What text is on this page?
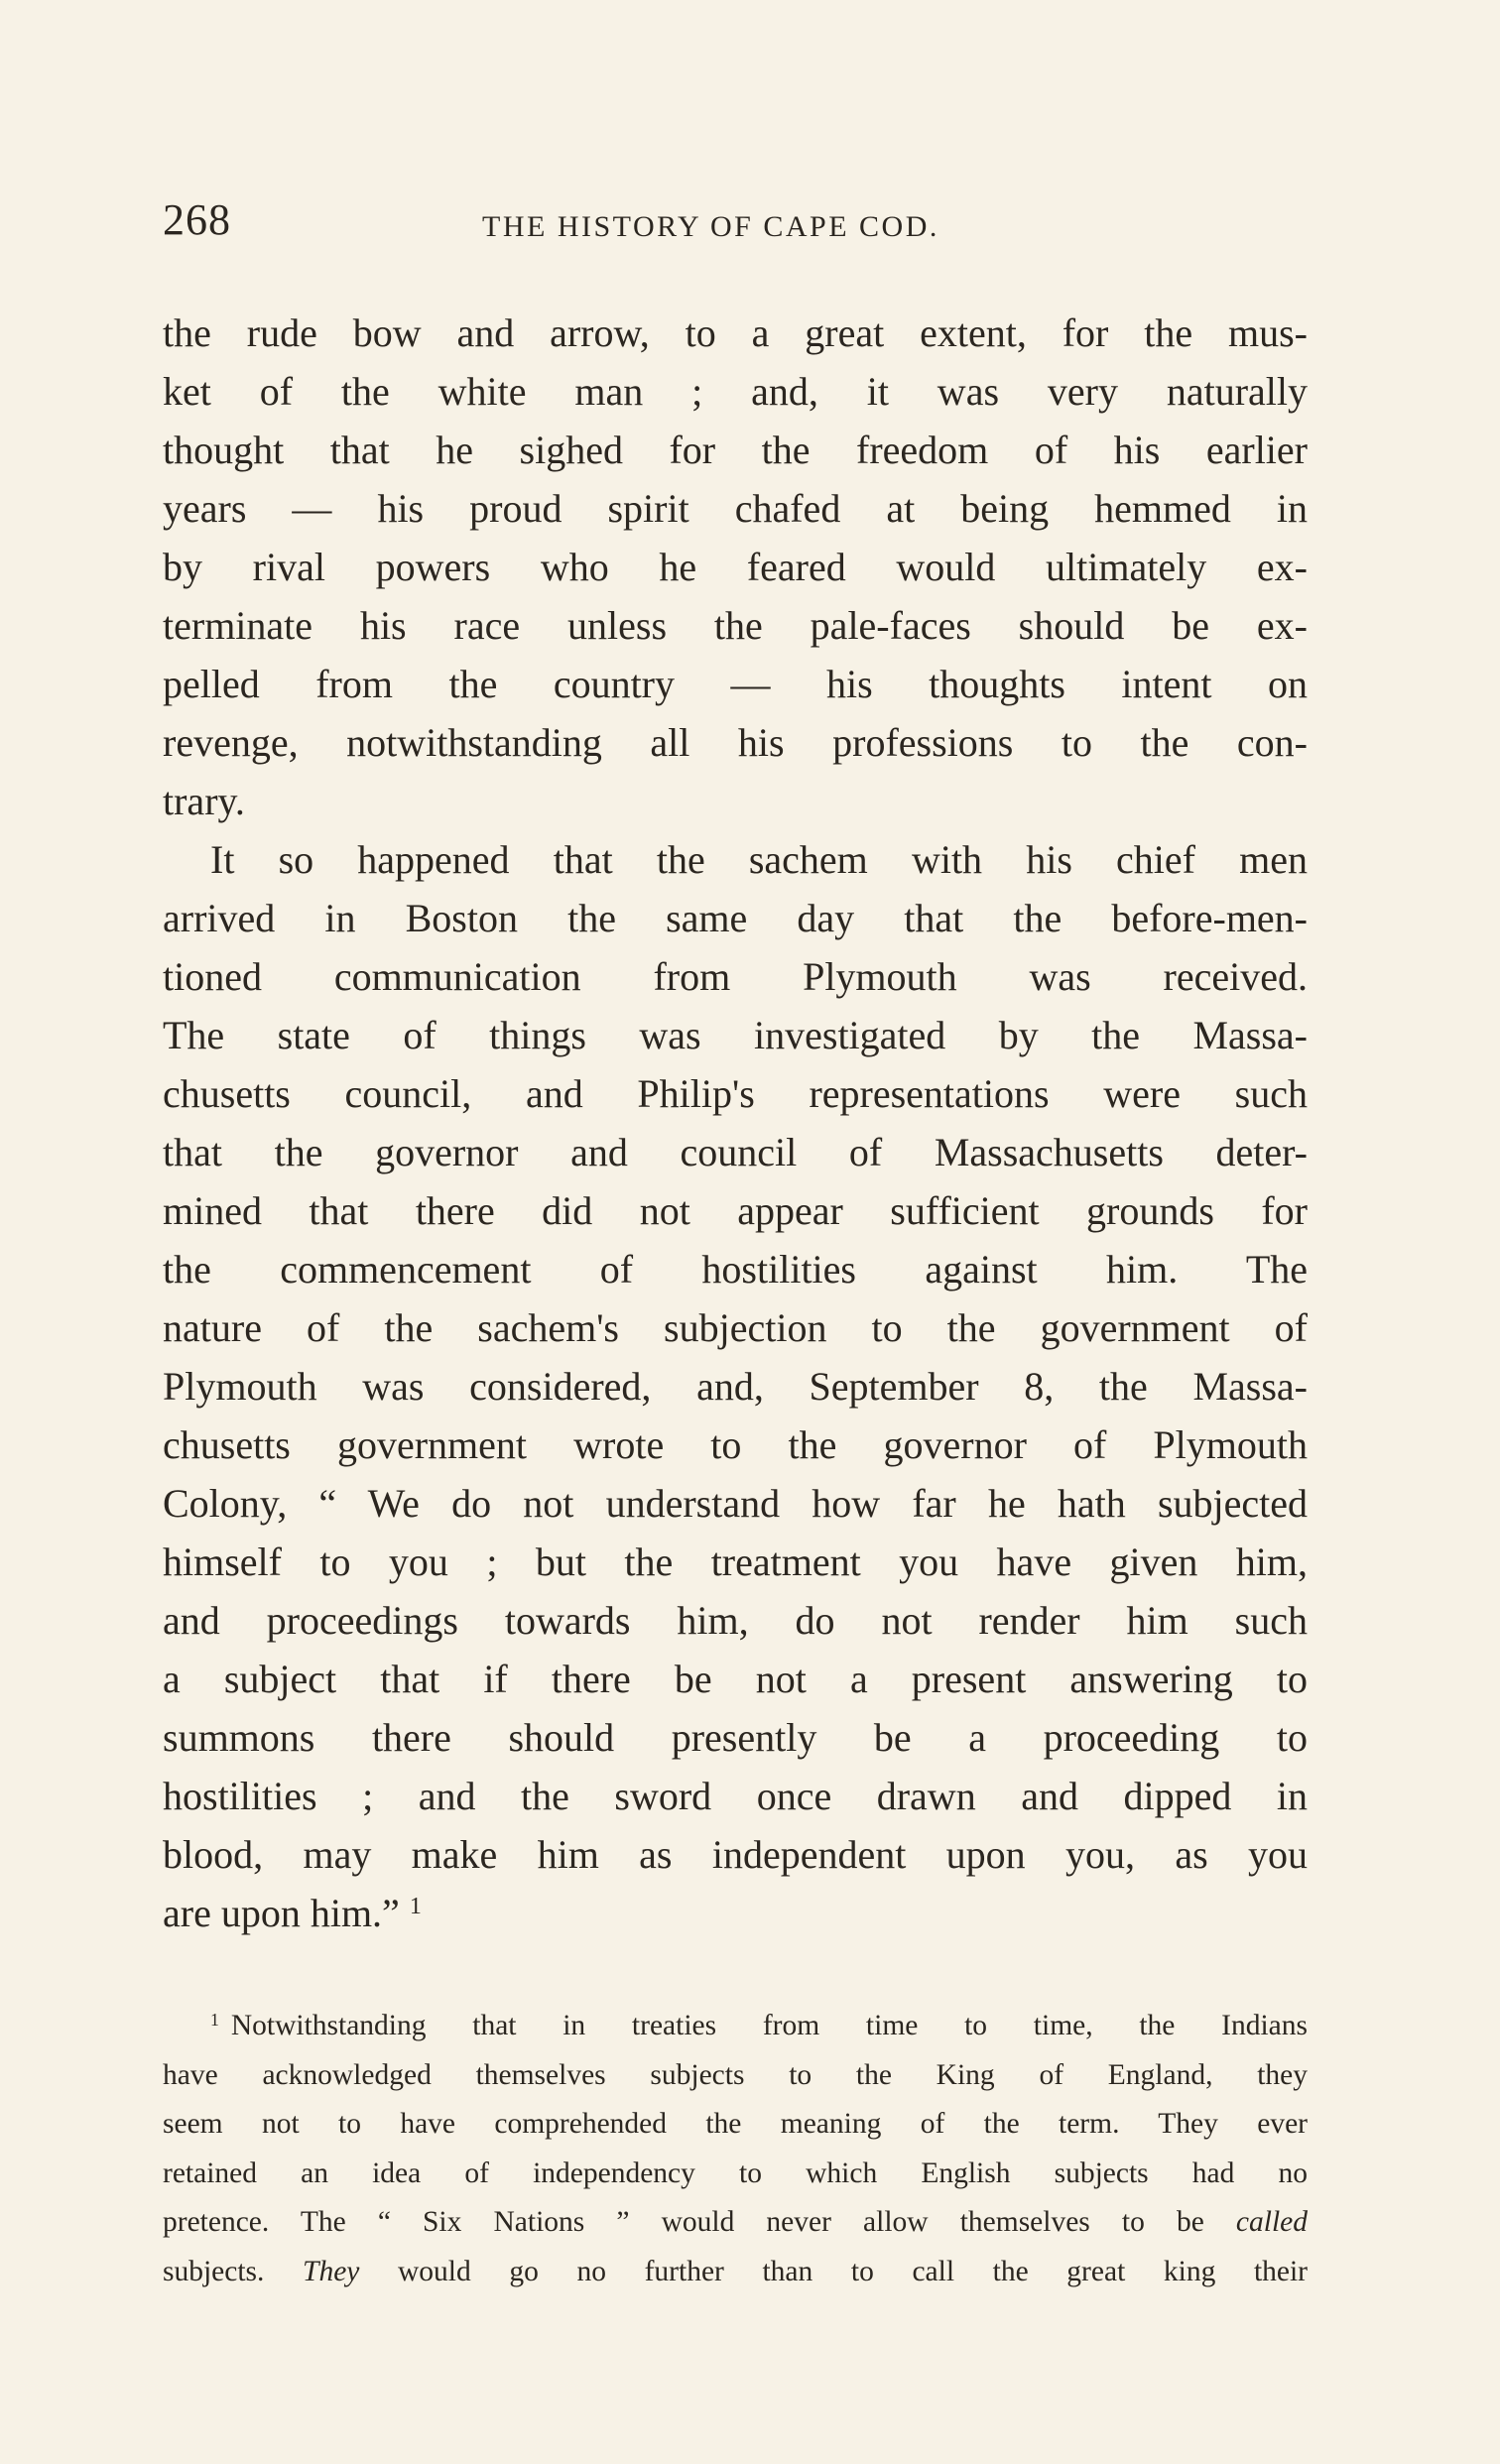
268	THE HISTORY OF CAPE COD.
the rude bow and arrow, to a great extent, for the mus-
ket of the white man ; and, it was very naturally
thought that he sighed for the freedom of his earlier
years — his proud spirit chafed at being hemmed in
by rival powers who he feared would ultimately ex-
terminate his race unless the pale-faces should be ex-
pelled from the country — his thoughts intent on
revenge, notwithstanding all his professions to the con-
trary.
It so happened that the sachem with his chief men
arrived in Boston the same day that the before-men-
tioned communication from Plymouth was received.
The state of things was investigated by the Massa-
chusetts council, and Philip's representations were such
that the governor and council of Massachusetts deter-
mined that there did not appear sufficient grounds for
the commencement of hostilities against him. The
nature of the sachem's subjection to the government of
Plymouth was considered, and, September 8, the Massa-
chusetts government wrote to the governor of Plymouth
Colony, “ We do not understand how far he hath subjected
himself to you ; but the treatment you have given him,
and proceedings towards him, do not render him such
a subject that if there be not a present answering to
summons there should presently be a proceeding to
hostilities ; and the sword once drawn and dipped in
blood, may make him as independent upon you, as you
are upon him.” $^1$
$^1$ Notwithstanding that in treaties from time to time, the Indians
have acknowledged themselves subjects to the King of England, they
seem not to have comprehended the meaning of the term. They ever
retained an idea of independency to which English subjects had no
pretence. The “ Six Nations ” would never allow themselves to be called
subjects. They would go no further than to call the great king their
